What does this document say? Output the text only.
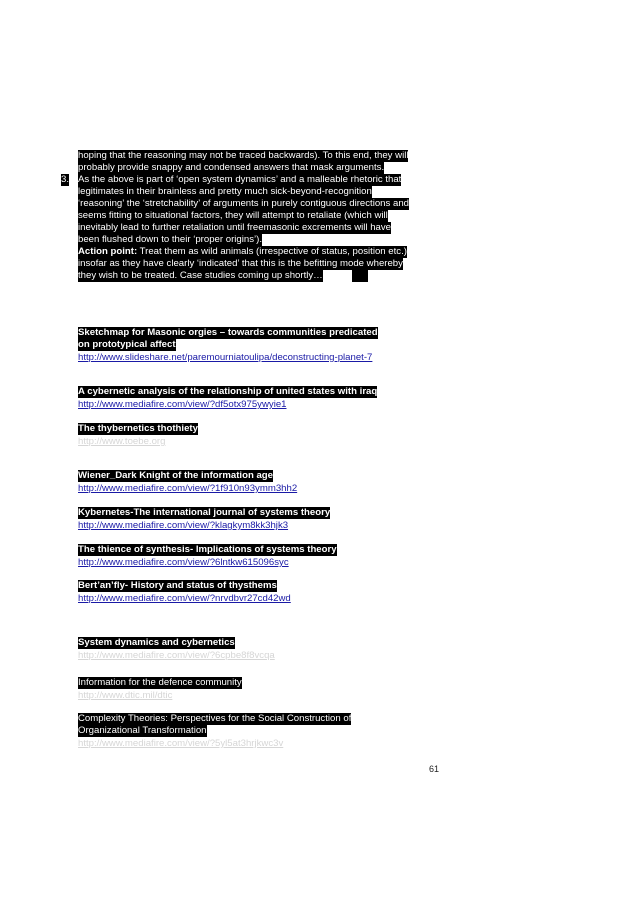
hoping that the reasoning may not be traced backwards). To this end, they will
probably provide snappy and condensed answers that mask arguments.
3. As the above is part of ‘open system dynamics’ and a malleable rhetoric that
legitimates in their brainless and pretty much sick-beyond-recognition
‘reasoning’ the ‘stretchability’ of arguments in purely contiguous directions and
seems fitting to situational factors, they will attempt to retaliate (which will
inevitably lead to further retaliation until freemasonic excrements will have
been flushed down to their ‘proper origins’).
Action point: Treat them as wild animals (irrespective of status, position etc.)
insofar as they have clearly ‘indicated’ that this is the befitting mode whereby
they wish to be treated. Case studies coming up shortly…
Sketchmap for Masonic orgies – towards communities predicated
on prototypical affect
http://www.slideshare.net/paremourniatoulipa/deconstructing-planet-7
A cybernetic analysis of the relationship of united states with iraq
http://www.mediafire.com/view/?df5otx975ywyie1
The thybernetics thothiety
http://www.toebe.org
Wiener_Dark Knight of the information age
http://www.mediafire.com/view/?1f910n93ymm3hh2
Kybernetes-The international journal of systems theory
http://www.mediafire.com/view/?klagkym8kk3hjk3
The thience of synthesis- Implications of systems theory
http://www.mediafire.com/view/?6lntkw615096syc
Bert’an’fly- History and status of thysthems
http://www.mediafire.com/view/?nrvdbvr27cd42wd
System dynamics and cybernetics
http://www.mediafire.com/view/?6cpbe8f8vcqa
Information for the defence community
http://www.dtic.mil/dtic
Complexity Theories: Perspectives for the Social Construction of
Organizational Transformation
http://www.mediafire.com/view/?5yl5at3hrjkwc3v
61
